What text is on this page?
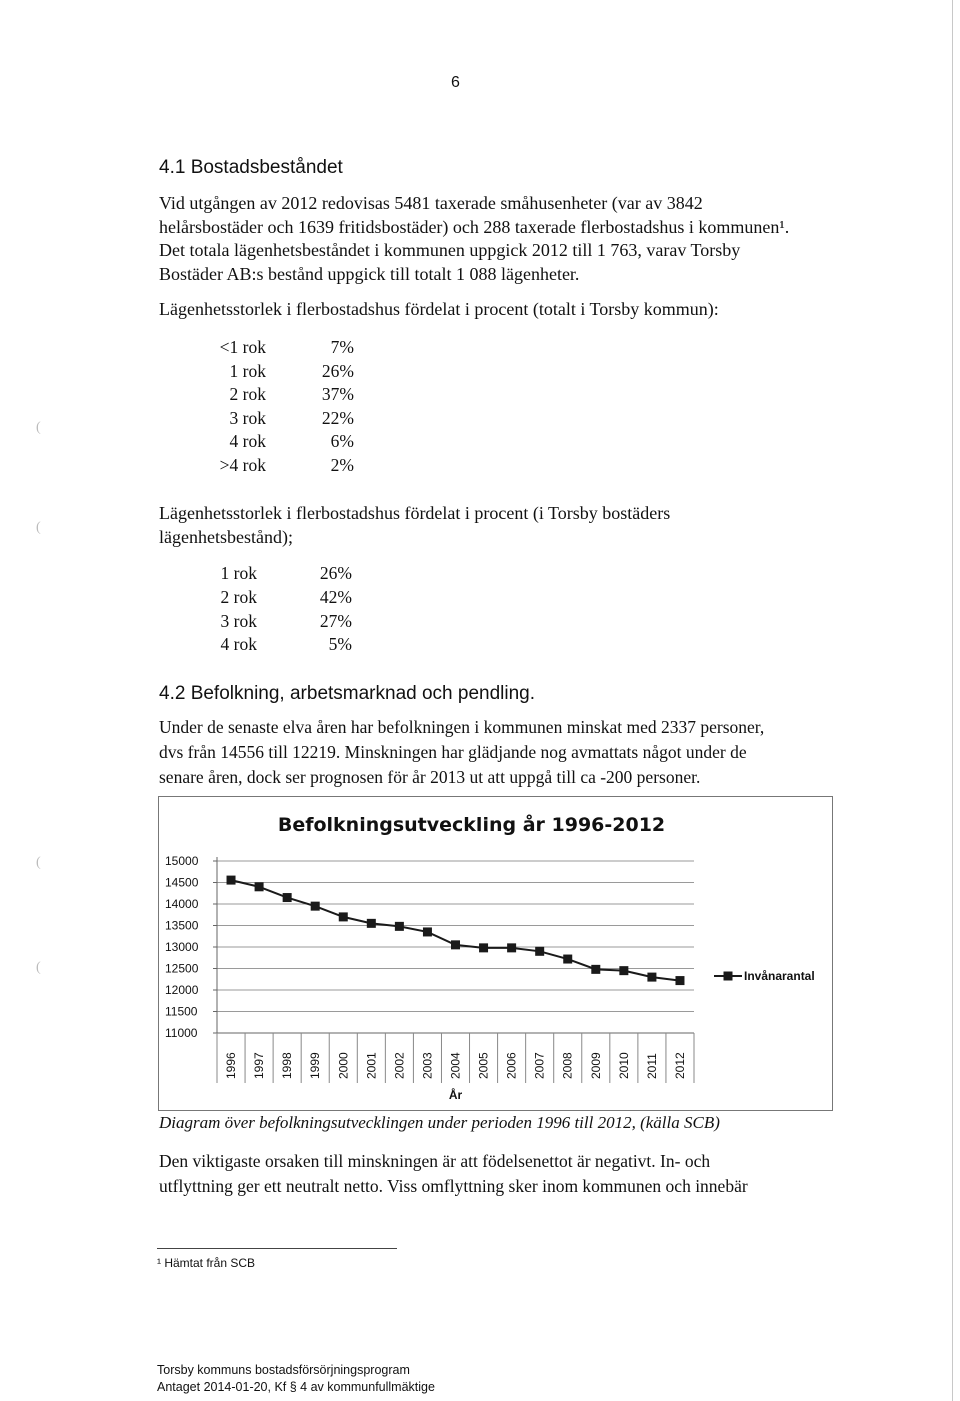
(
(
(
(
6
4.1 Bostadsbeståndet
Vid utgången av 2012 redovisas 5481 taxerade småhusenheter (var av 3842
helårsbostäder och 1639 fritidsbostäder) och 288 taxerade flerbostadshus i kommunen¹.
Det totala lägenhetsbeståndet i kommunen uppgick 2012 till 1 763, varav Torsby
Bostäder AB:s bestånd uppgick till totalt 1 088 lägenheter.
Lägenhetsstorlek i flerbostadshus fördelat i procent (totalt i Torsby kommun):
<1 rok	7%
1 rok	26%
2 rok	37%
3 rok	22%
4 rok	6%
>4 rok	2%
Lägenhetsstorlek i flerbostadshus fördelat i procent (i Torsby bostäders
lägenhetsbestånd);
1 rok	26%
2 rok	42%
3 rok	27%
4 rok	5%
4.2 Befolkning, arbetsmarknad och pendling.
Under de senaste elva åren har befolkningen i kommunen minskat med 2337 personer,
dvs från 14556 till 12219. Minskningen har glädjande nog avmattats något under de
senare åren, dock ser prognosen för år 2013 ut att uppgå till ca -200 personer.
Befolkningsutveckling år 1996-2012
15000
14500
14000
13500
13000
12500
12000
11500
11000
1996 1997 1998 1999 2000 2001 2002 2003 2004 2005 2006 2007 2008 2009 2010 2011 2012
År
Invånarantal
Diagram över befolkningsutvecklingen under perioden 1996 till 2012, (källa SCB)
Den viktigaste orsaken till minskningen är att födelsenettot är negativt. In- och
utflyttning ger ett neutralt netto. Viss omflyttning sker inom kommunen och innebär
¹ Hämtat från SCB
Torsby kommuns bostadsförsörjningsprogram
Antaget 2014-01-20, Kf § 4 av kommunfullmäktige
